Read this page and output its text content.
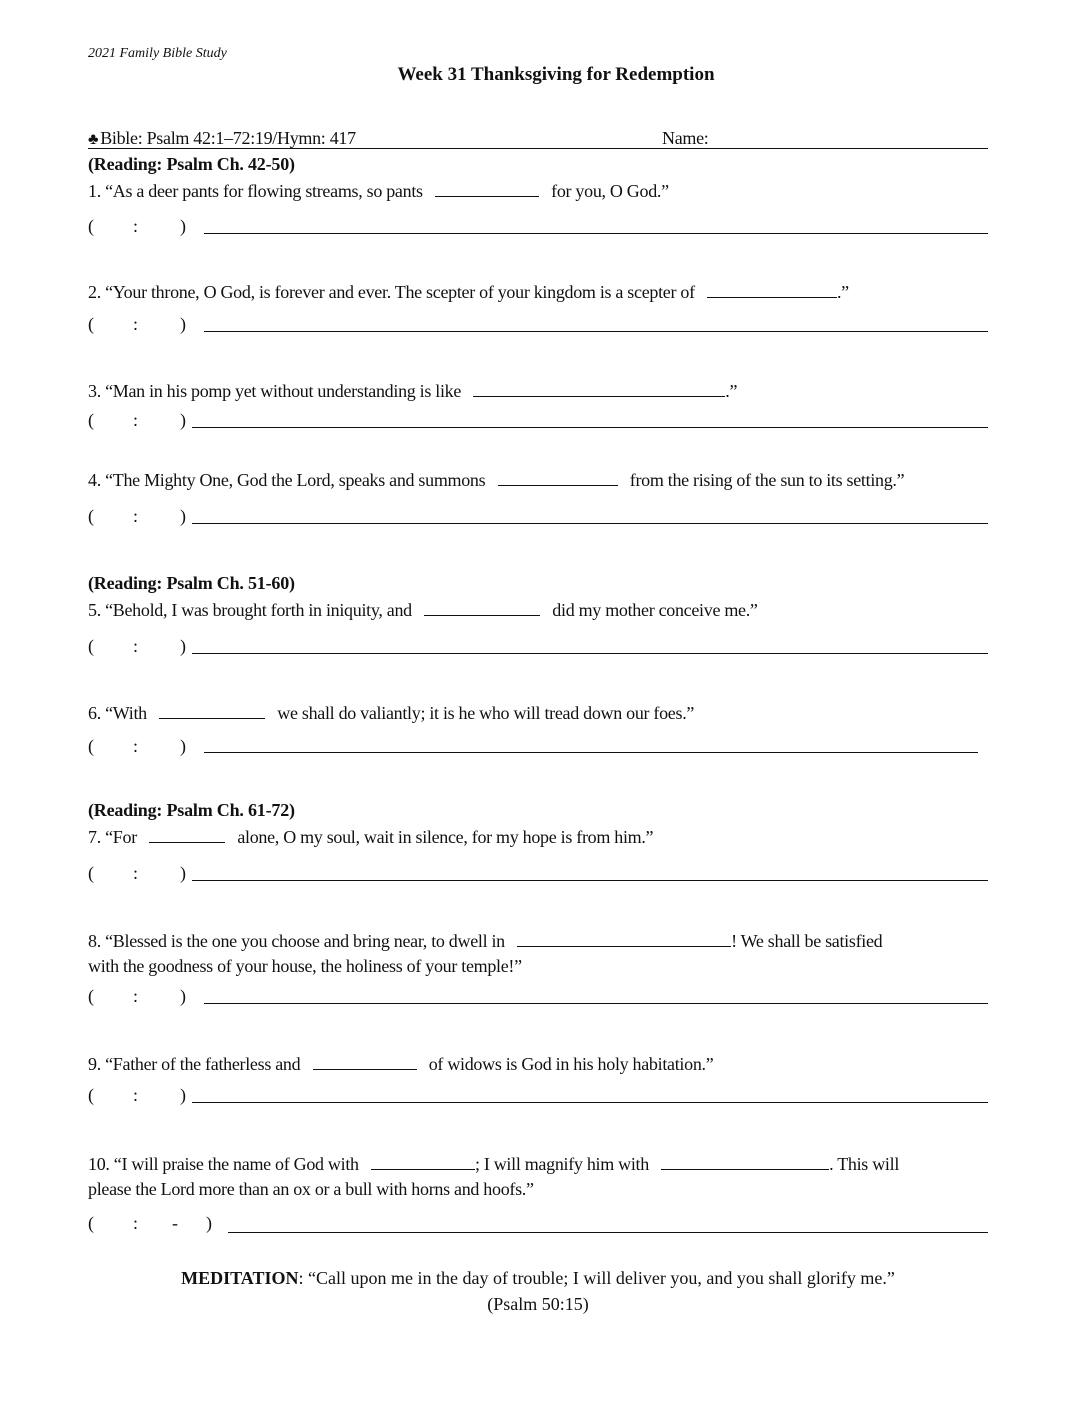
2021 Family Bible Study
Week 31 Thanksgiving for Redemption
♣ Bible: Psalm 42:1–72:19/Hymn: 417	Name:
(Reading: Psalm Ch. 42-50)
1. “As a deer pants for flowing streams, so pants	for you, O God.”
( : )
2. “Your throne, O God, is forever and ever. The scepter of your kingdom is a scepter of	.”
( : )
3. “Man in his pomp yet without understanding is like	.”
( : )
4. “The Mighty One, God the Lord, speaks and summons	from the rising of the sun to its setting.”
( : )
(Reading: Psalm Ch. 51-60)
5. “Behold, I was brought forth in iniquity, and	did my mother conceive me.”
( : )
6. “With	we shall do valiantly; it is he who will tread down our foes.”
( : )
(Reading: Psalm Ch. 61-72)
7. “For	alone, O my soul, wait in silence, for my hope is from him.”
( : )
8. “Blessed is the one you choose and bring near, to dwell in	! We shall be satisfied
with the goodness of your house, the holiness of your temple!”
( : )
9. “Father of the fatherless and	of widows is God in his holy habitation.”
( : )
10. “I will praise the name of God with	; I will magnify him with	. This will
please the Lord more than an ox or a bull with horns and hoofs.”
( : - )
MEDITATION: “Call upon me in the day of trouble; I will deliver you, and you shall glorify me.”
(Psalm 50:15)
